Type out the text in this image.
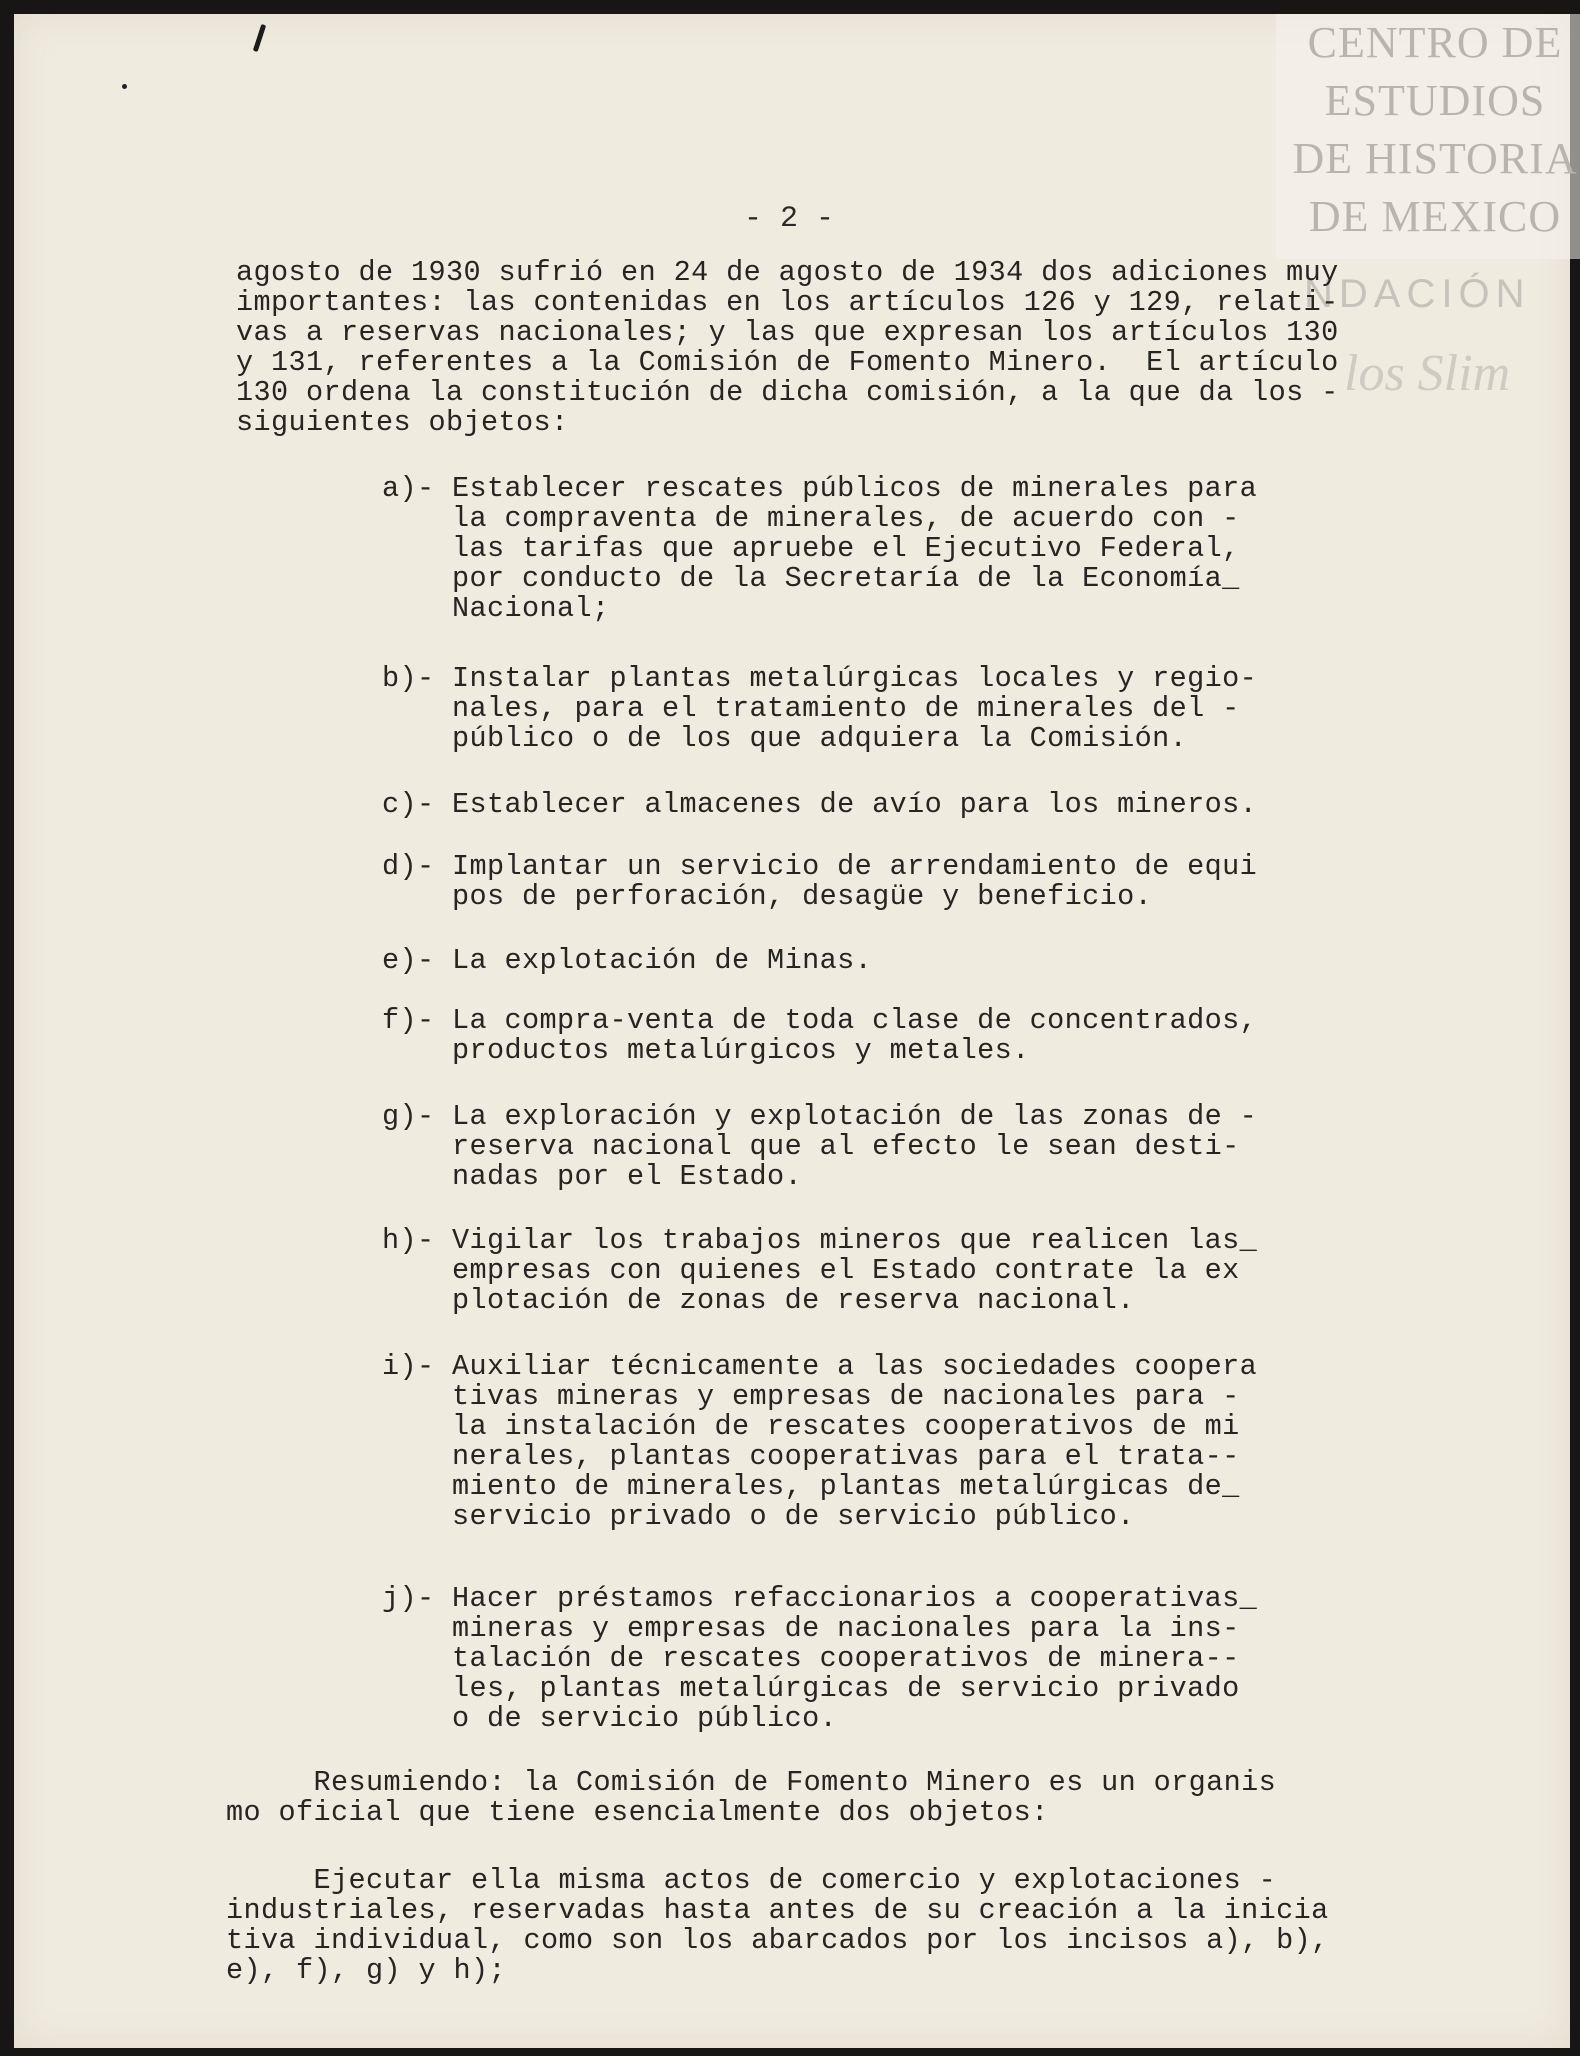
CENTRO DE
ESTUDIOS
DE HISTORIA
DE MEXICO
NDACIÓN
los Slim
- 2 -
agosto de 1930 sufrió en 24 de agosto de 1934 dos adiciones muy
importantes: las contenidas en los artículos 126 y 129, relati-
vas a reservas nacionales; y las que expresan los artículos 130
y 131, referentes a la Comisión de Fomento Minero.  El artículo
130 ordena la constitución de dicha comisión, a la que da los -
siguientes objetos:
a)- Establecer rescates públicos de minerales para
la compraventa de minerales, de acuerdo con -
las tarifas que apruebe el Ejecutivo Federal,
por conducto de la Secretaría de la Economía_
Nacional;
b)- Instalar plantas metalúrgicas locales y regio-
nales, para el tratamiento de minerales del -
público o de los que adquiera la Comisión.
c)- Establecer almacenes de avío para los mineros.
d)- Implantar un servicio de arrendamiento de equi
pos de perforación, desagüe y beneficio.
e)- La explotación de Minas.
f)- La compra-venta de toda clase de concentrados,
productos metalúrgicos y metales.
g)- La exploración y explotación de las zonas de -
reserva nacional que al efecto le sean desti-
nadas por el Estado.
h)- Vigilar los trabajos mineros que realicen las_
empresas con quienes el Estado contrate la ex
plotación de zonas de reserva nacional.
i)- Auxiliar técnicamente a las sociedades coopera
tivas mineras y empresas de nacionales para -
la instalación de rescates cooperativos de mi
nerales, plantas cooperativas para el trata--
miento de minerales, plantas metalúrgicas de_
servicio privado o de servicio público.
j)- Hacer préstamos refaccionarios a cooperativas_
mineras y empresas de nacionales para la ins-
talación de rescates cooperativos de minera--
les, plantas metalúrgicas de servicio privado
o de servicio público.
Resumiendo: la Comisión de Fomento Minero es un organis
mo oficial que tiene esencialmente dos objetos:
Ejecutar ella misma actos de comercio y explotaciones -
industriales, reservadas hasta antes de su creación a la inicia
tiva individual, como son los abarcados por los incisos a), b),
e), f), g) y h);
